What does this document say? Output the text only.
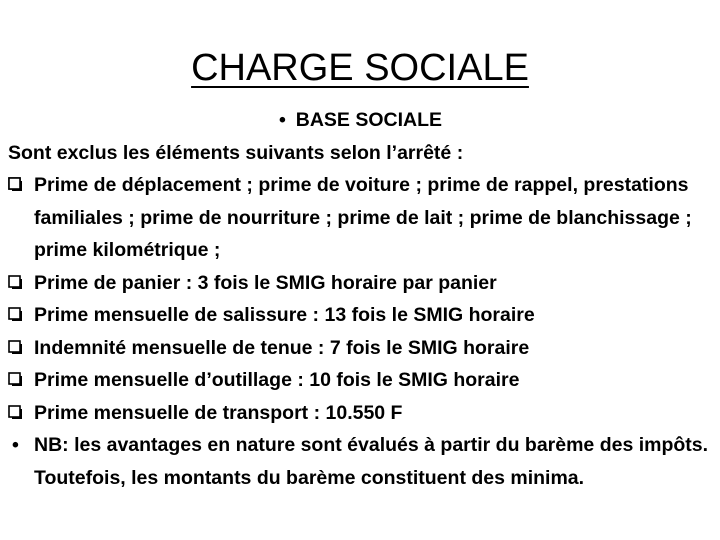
CHARGE SOCIALE
• BASE SOCIALE
Sont exclus les éléments suivants selon l’arrêté :
Prime de déplacement ; prime de voiture ; prime de rappel, prestations familiales ; prime de nourriture ; prime de lait ; prime de blanchissage ; prime kilométrique ;
Prime de panier : 3 fois le SMIG horaire par panier
Prime mensuelle de salissure : 13 fois le SMIG horaire
Indemnité mensuelle de tenue : 7 fois le SMIG horaire
Prime mensuelle d’outillage : 10 fois le SMIG horaire
Prime mensuelle de transport : 10.550 F
• NB: les avantages en nature sont évalués à partir du barème des impôts. Toutefois, les montants du barème constituent des minima.
